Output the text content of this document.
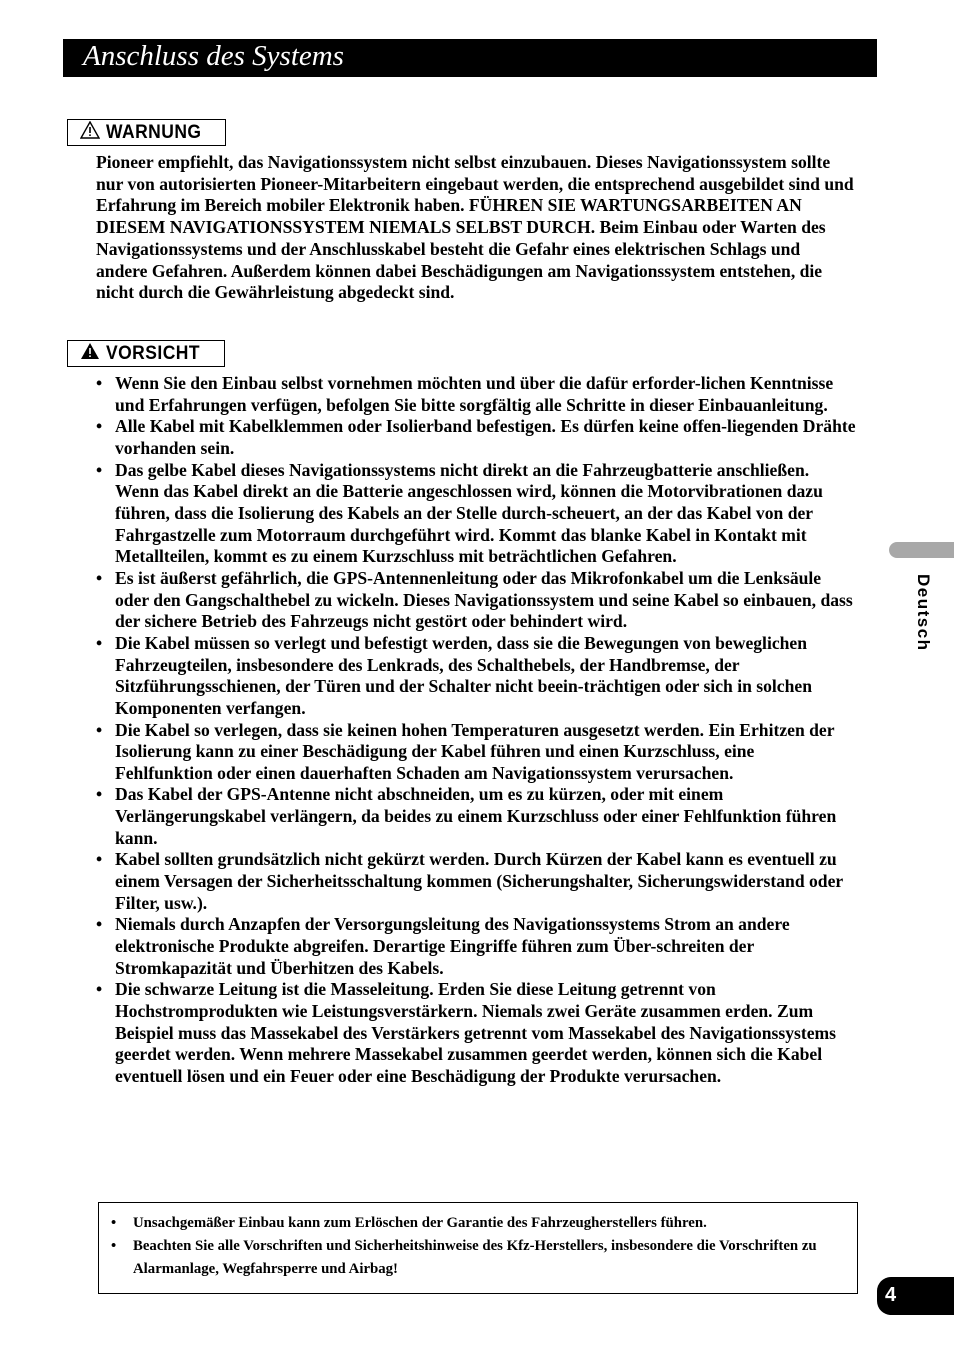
Anschluss des Systems
WARNUNG

Pioneer empfiehlt, das Navigationssystem nicht selbst einzubauen. Dieses Navigationssystem sollte nur von autorisierten Pioneer-Mitarbeitern eingebaut werden, die entsprechend ausgebildet sind und Erfahrung im Bereich mobiler Elektronik haben. FÜHREN SIE WARTUNGSARBEITEN AN DIESEM NAVIGATIONSSYSTEM NIEMALS SELBST DURCH. Beim Einbau oder Warten des Navigationssystems und der Anschlusskabel besteht die Gefahr eines elektrischen Schlags und andere Gefahren. Außerdem können dabei Beschädigungen am Navigationssystem entstehen, die nicht durch die Gewährleistung abgedeckt sind.

VORSICHT
• Wenn Sie den Einbau selbst vornehmen möchten und über die dafür erforder-lichen Kenntnisse und Erfahrungen verfügen, befolgen Sie bitte sorgfältig alle Schritte in dieser Einbauanleitung.
• Alle Kabel mit Kabelklemmen oder Isolierband befestigen. Es dürfen keine offen-liegenden Drähte vorhanden sein.
• Das gelbe Kabel dieses Navigationssystems nicht direkt an die Fahrzeugbatterie anschließen. Wenn das Kabel direkt an die Batterie angeschlossen wird, können die Motorvibrationen dazu führen, dass die Isolierung des Kabels an der Stelle durch-scheuert, an der das Kabel von der Fahrgastzelle zum Motorraum durchgeführt wird. Kommt das blanke Kabel in Kontakt mit Metallteilen, kommt es zu einem Kurzschluss mit beträchtlichen Gefahren.
• Es ist äußerst gefährlich, die GPS-Antennenleitung oder das Mikrofonkabel um die Lenksäule oder den Gangschalthebel zu wickeln. Dieses Navigationssystem und seine Kabel so einbauen, dass der sichere Betrieb des Fahrzeugs nicht gestört oder behindert wird.
• Die Kabel müssen so verlegt und befestigt werden, dass sie die Bewegungen von beweglichen Fahrzeugteilen, insbesondere des Lenkrads, des Schalthebels, der Handbremse, der Sitzführungsschienen, der Türen und der Schalter nicht beein-trächtigen oder sich in solchen Komponenten verfangen.
• Die Kabel so verlegen, dass sie keinen hohen Temperaturen ausgesetzt werden. Ein Erhitzen der Isolierung kann zu einer Beschädigung der Kabel führen und einen Kurzschluss, eine Fehlfunktion oder einen dauerhaften Schaden am Navigationssystem verursachen.
• Das Kabel der GPS-Antenne nicht abschneiden, um es zu kürzen, oder mit einem Verlängerungskabel verlängern, da beides zu einem Kurzschluss oder einer Fehlfunktion führen kann.
• Kabel sollten grundsätzlich nicht gekürzt werden. Durch Kürzen der Kabel kann es eventuell zu einem Versagen der Sicherheitsschaltung kommen (Sicherungshalter, Sicherungswiderstand oder Filter, usw.).
• Niemals durch Anzapfen der Versorgungsleitung des Navigationssystems Strom an andere elektronische Produkte abgreifen. Derartige Eingriffe führen zum Über-schreiten der Stromkapazität und Überhitzen des Kabels.
• Die schwarze Leitung ist die Masseleitung. Erden Sie diese Leitung getrennt von Hochstromprodukten wie Leistungsverstärkern. Niemals zwei Geräte zusammen erden. Zum Beispiel muss das Massekabel des Verstärkers getrennt vom Massekabel des Navigationssystems geerdet werden. Wenn mehrere Massekabel zusammen geerdet werden, können sich die Kabel eventuell lösen und ein Feuer oder eine Beschädigung der Produkte verursachen.
• Unsachgemäßer Einbau kann zum Erlöschen der Garantie des Fahrzeugherstellers führen.
• Beachten Sie alle Vorschriften und Sicherheitshinweise des Kfz-Herstellers, insbesondere die Vorschriften zu Alarmanlage, Wegfahrsperre und Airbag!
Deutsch
4
